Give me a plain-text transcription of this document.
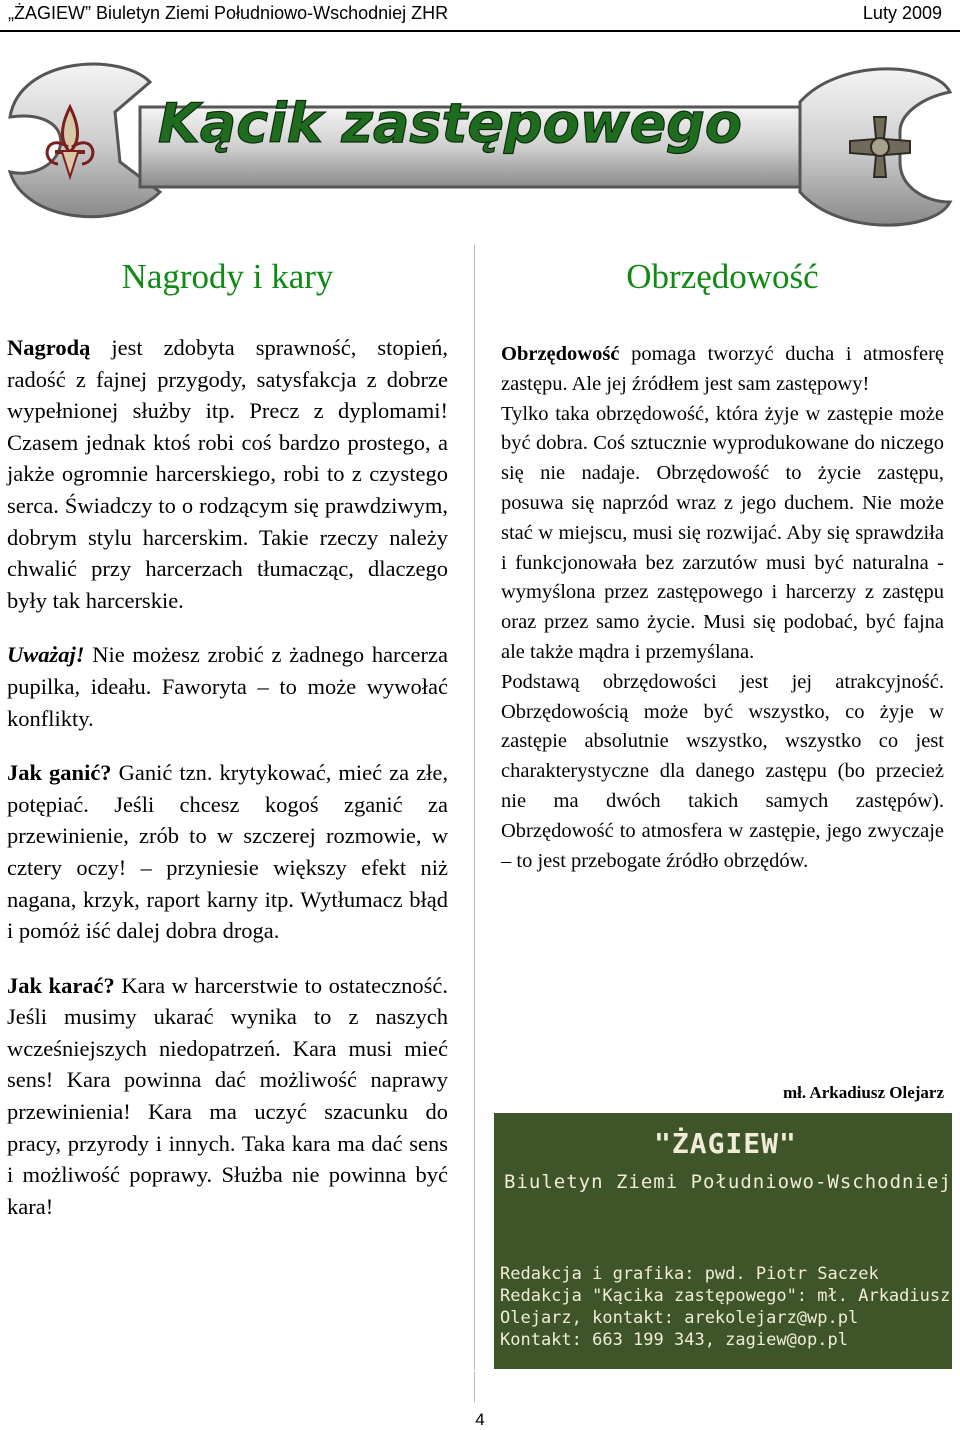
„ŻAGIEW” Biuletyn Ziemi Południowo-Wschodniej ZHR	Luty 2009
Kącik zastępowego
Nagrody i kary	Obrzędowość

Nagrodą jest zdobyta sprawność, stopień, radość z fajnej przygody, satysfakcja z dobrze wypełnionej służby itp. Precz z dyplomami! Czasem jednak ktoś robi coś bardzo prostego, a jakże ogromnie harcerskiego, robi to z czystego serca. Świadczy to o rodzącym się prawdziwym, dobrym stylu harcerskim. Takie rzeczy należy chwalić przy harcerzach tłumacząc, dlaczego były tak harcerskie.

Uważaj! Nie możesz zrobić z żadnego harcerza pupilka, ideału. Faworyta – to może wywołać konflikty.

Jak ganić? Ganić tzn. krytykować, mieć za złe, potępiać. Jeśli chcesz kogoś zganić za przewinienie, zrób to w szczerej rozmowie, w cztery oczy! – przyniesie większy efekt niż nagana, krzyk, raport karny itp. Wytłumacz błąd i pomóż iść dalej dobra droga.

Jak karać? Kara w harcerstwie to ostateczność. Jeśli musimy ukarać wynika to z naszych wcześniejszych niedopatrzeń. Kara musi mieć sens! Kara powinna dać możliwość naprawy przewinienia! Kara ma uczyć szacunku do pracy, przyrody i innych. Taka kara ma dać sens i możliwość poprawy. Służba nie powinna być kara!

Obrzędowość pomaga tworzyć ducha i atmosferę zastępu. Ale jej źródłem jest sam zastępowy!

Tylko taka obrzędowość, która żyje w zastępie może być dobra. Coś sztucznie wyprodukowane do niczego się nie nadaje. Obrzędowość to życie zastępu, posuwa się naprzód wraz z jego duchem. Nie może stać w miejscu, musi się rozwijać. Aby się sprawdziła i funkcjonowała bez zarzutów musi być naturalna - wymyślona przez zastępowego i harcerzy z zastępu oraz przez samo życie. Musi się podobać, być fajna ale także mądra i przemyślana.

Podstawą obrzędowości jest jej atrakcyjność. Obrzędowością może być wszystko, co żyje w zastępie absolutnie wszystko, wszystko co jest charakterystyczne dla danego zastępu (bo przecież nie ma dwóch takich samych zastępów). Obrzędowość to atmosfera w zastępie, jego zwyczaje – to jest przebogate źródło obrzędów.

mł. Arkadiusz Olejarz
"ŻAGIEW"
Biuletyn Ziemi Południowo-Wschodniej
Redakcja i grafika: pwd. Piotr Saczek
Redakcja "Kącika zastępowego": mł. Arkadiusz
Olejarz, kontakt: arekolejarz@wp.pl
Kontakt: 663 199 343, zagiew@op.pl
4
